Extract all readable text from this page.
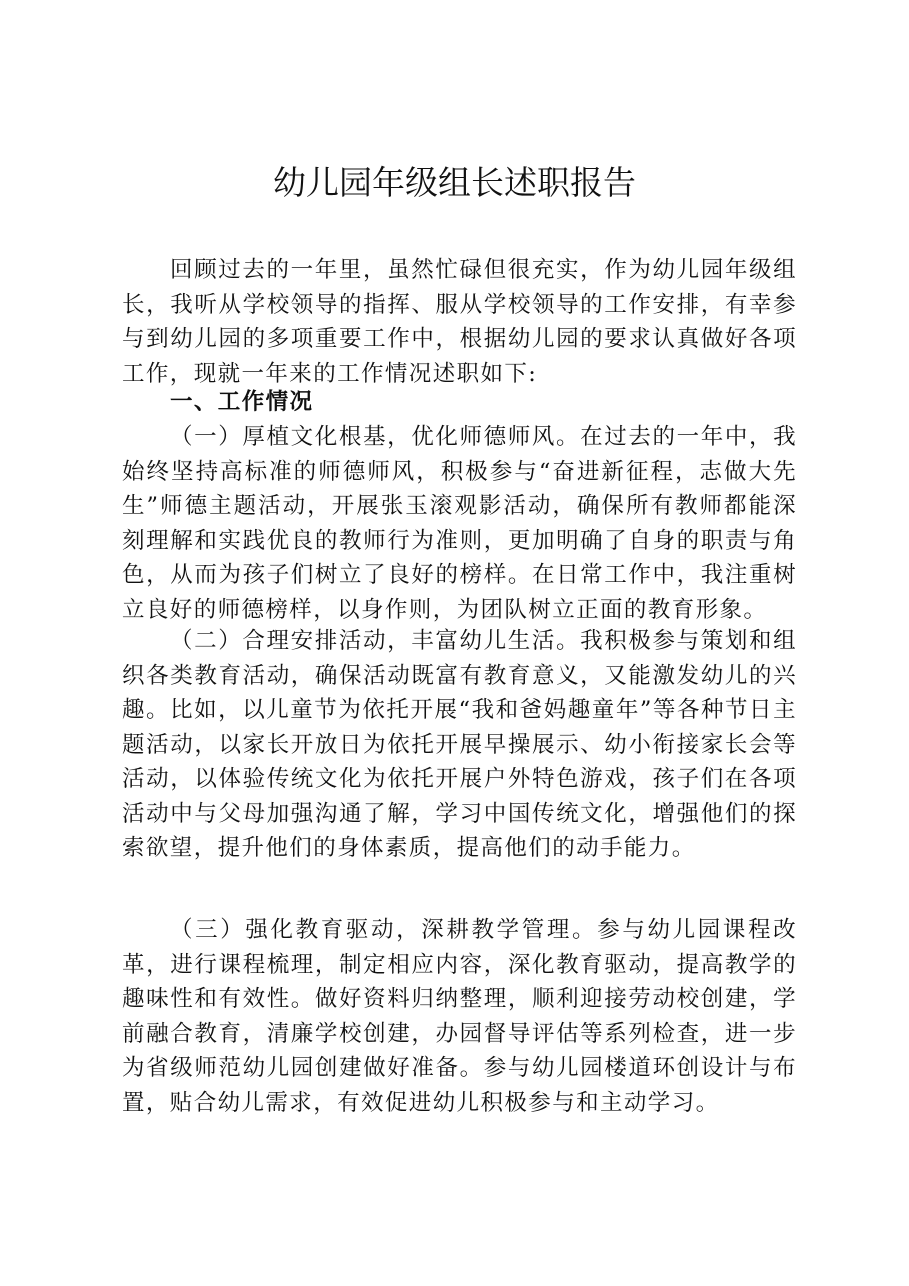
幼儿园年级组长述职报告
回顾过去的一年里，虽然忙碌但很充实，作为幼儿园年级组长，我听从学校领导的指挥、服从学校领导的工作安排，有幸参与到幼儿园的多项重要工作中，根据幼儿园的要求认真做好各项工作，现就一年来的工作情况述职如下:
一、工作情况
（一）厚植文化根基，优化师德师风。在过去的一年中，我始终坚持高标准的师德师风，积极参与“奋进新征程，志做大先生”师德主题活动，开展张玉滚观影活动，确保所有教师都能深刻理解和实践优良的教师行为准则，更加明确了自身的职责与角色，从而为孩子们树立了良好的榜样。在日常工作中，我注重树立良好的师德榜样，以身作则，为团队树立正面的教育形象。
（二）合理安排活动，丰富幼儿生活。我积极参与策划和组织各类教育活动，确保活动既富有教育意义，又能激发幼儿的兴趣。比如，以儿童节为依托开展“我和爸妈趣童年”等各种节日主题活动，以家长开放日为依托开展早操展示、幼小衔接家长会等活动，以体验传统文化为依托开展户外特色游戏，孩子们在各项活动中与父母加强沟通了解，学习中国传统文化，增强他们的探索欲望，提升他们的身体素质，提高他们的动手能力。
（三）强化教育驱动，深耕教学管理。参与幼儿园课程改革，进行课程梳理，制定相应内容，深化教育驱动，提高教学的趣味性和有效性。做好资料归纳整理，顺利迎接劳动校创建，学前融合教育，清廉学校创建，办园督导评估等系列检查，进一步为省级师范幼儿园创建做好准备。参与幼儿园楼道环创设计与布置，贴合幼儿需求，有效促进幼儿积极参与和主动学习。
